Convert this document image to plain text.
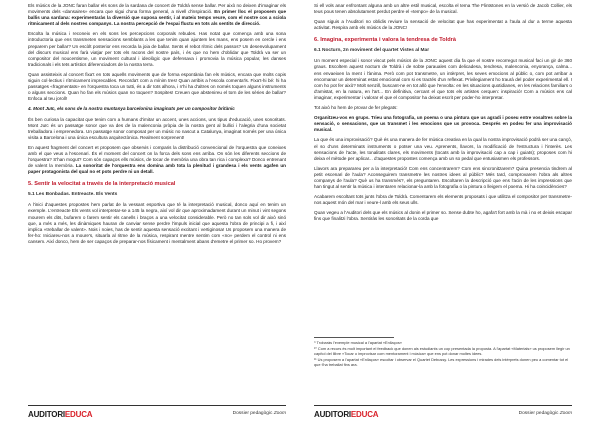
Els músics de la JONC faran ballar els sons de la sardana de concert de Toldrà sense ballar. Per això no deixen d'imaginar els moviments dels «dansaires» encara que sigui d'una forma general, a nivell d'inspiració. En primer lloc el proposem que ballis una sardana: experimentaràs la diversió que suposa sentir, i al mateix temps veure, com el nostre cos a sciola rítmicament al dels nostres companys. La nostra percepció de l'espai fluctu en tots als sentits de direcció.

Escolta la música i reconeix en els sons les percepcions corporals rebudes. Has notat que comença amb una sona introductoria que ens transmeten sensacions semblants a les que tenim quan ajuntem les mans, ens posem en cercle i ens preparem per ballar? Un escòlt posterior ens recorda la joia de ballar. Sents el rebot rítmic dels passos? Un desenvolupament del discurs musical ens farà viatjar per tots els racons del nostre país, i és que no hem d'oblidar que Toldrà va ser un compositor del noucentisme, un moviment cultural i ideològic que defensava i promovia la música popular, les danses tradicionals i els tets artístics diferenciadors de la nostra terra.

Quan assisteixis al concert fixa't en tots aquells moviments que de forma espontània fan els músics, encara que molts copis siguin col·lectius i rítmicament imprecables. Recorda't com a mínim tres! Quan arribis a l'escola comenta'ls. Fixa't-hi bé: hi ha passatges «fragmentats» en l'orquestra toca un tutti, és a dir tots alhora, i n'hi ha d'altres on només toquen alguns instruments o alguns seccions. Quan ho fan els músics quan no toquen? Sospites! Creuen que abstenireu el torn de les sèries de ballar? Enfoca al teu joroll!

4. Mont Juïc, els sons de la nostra muntanya barcelonina imaginats per un compositor britànic

És ben curiosa la capacitat que tenim com a humans d'imitar un accent, unes accions, uns tipus d'educació, unes sonoritats. Mont Juïc és un passatge sonor que va des de la malenconia pròpia de la nostra gent al bullici i l'alegria d'una societat treballadora i emprenedora. Un passatge sonor composat per un músic no nascut a Catalunya, imaginat només per una única visita a Barcelona i una única escultura arquitectònica. Realment sorprenent!

En aquest fragment del concert et proposem que observis i comparis la distribució convencional de l'orquestra que coneixes amb el que veus a l'escenari. És el moment del concert on la forca dels sons ens arriba. On són les diferents seccions de l'orquestra? S'han mogut? Com són capaços ells músics, de tocar de memòria una obra tan rica i complexa? Donco entrenant de valent la memòria. La sonoritat de l'orquestra ens domina amb tota la plenitud i grandesa i els vents agafen un paper protagonista del qual no et pots perdre ni un detall.

5. Sentir la velocitat a través de la interpretació musical
5.1 Les Bonbadas. Entreacte. Els Vents

A l'inici d'aquestes propostes hem parlat de la vessant esportiva que té la interpretació musical, donco aquí en tenim un exemple. L'entreacte Els vents vol interpretar-se a 145 la negra, així vol dir que aproximadament durant un minut i vint segons mourem els dits, bufarem o farem sentir els canells i braços a una velocitat considerable. Però no tan sols vol dir això sinó que, a més a més, les dinàmiques hauran de canviar sense perdre l'impuls inicial que aquesta l'obra de principi a fi, i així implica «treballar de valent». Nois i noies, has de sentir aquesta sensació excitant i vertiginosa! Us proposem una manera de fer-ho: Iniciareu-nos a moure's, situarla al ritme de la música, respirant mentre sentim com «no» perdem el control ni ens cansem. Així donco, hem de ser capaços de preparar-nos físicament i mentalment abans d'emetre el primer so. Ho provem?

Si ell vols anar enfrontant alguna amb un altre estil musical, escolta el tema The Flintstones en la versió de Jacob Collier, els teus pous tenen absolutament perdut perdre el «tempo» de la musical.

Quan siguis a l'Auditori no oblidis reviure la sensació de velocitat que has experimentat a l'aula al dur a terme aquesta activitat. Respira amb els músics de la JONC!

6. Imagina, experimenta i valora la tendresa de Toldrà
6.1 Nocturn, 2n moviment del quartet Vistes al Mar

Un moment especial i sonor viscut pels músics de la JONC aquest dia fa que el nostre recorregut musical faci un gir de 360 graus. Escoltem aquest nocturn de Toldrà i de sobte parauales com delicadesa, tendresa, malenconia, enyorança, calma... ens envaeixen la ment i l'ànima. Però com pot transmetre, un intèrpret, les seves emocions al públic o, com pot arribar a encomanar un determinat estat emocional com si es tractés d'un reflexat. Privilegiament ho traurà del poder experimental ell. I com ho pot fer això? Molt senzill, buscant-ne en tot allò que l'envolta: en les situacions quotidianes, en les relacions familiars o d'amistat, en la natura, en l'art... En definitiva, cercant el que tots els artistes cerquen: inspiració! Com a músics ens cal imaginar, experimentar i valorar el que el compositor ha deixat escrit per poder-ho interpretar.

Tot això ho hem de provar de fer plegats:

Organitzeu-vos en grups. Trieu una fotografia, un poema o una pintura que us agradi i poseu entre vosaltres sobre la sensació, o sensacions, que us transmet i les emocions que us provoca. Després en podeu fer una improvisació musical.

La que és una improvisació? Què és una manera de fer música creativa en la qual la nostra improvisació podrà ser una cançó, el so d'uns determinats instruments o potser una veu. Aprenents, llavors, la modificació de l'estructura i l'interès. Les sensacions de l'acte, les tonalitats clares, els moviments (tocats amb la improvisació cap a cap i guiats); proposes com hi deixa el mètode per aplicar... d'aquestes propostes comença amb un so pedal que entusiasmen els professors.

Llavors ara preparareu per a la interpretació! Com ens concentrarem? Com ens sincronitzarem? Quina presencia tindrem al petit escenari de l'aula? Aconseguirem transmetre les nostres idees al públic? Més tard, comprovarem l'obra als altres companys de l'aula? Què us ha transmès?, els preguntaren. Escoltaren la descripció que ens l'acin de les impressions que han tingut al sentir la música i intentaren relacionar-la amb la fotografia o la pintura o lleigem el poema. Hi ha coincidències?

Acabarem escoltant tots junts l'obra de Toldrà. Comentarem els elements proposats i que utilitza el compositor per transmetre-nos aquest món del mar i veure-l amb els seus ulls.

Quan vegeu a l'Auditori dels que els músics al donin el primer so. Sense dubte ho, agafa't fort amb la mà i no et deixis escapar fins que finalitzi l'obra. Sentiràs les sonoritats de la corda que

⁹ Trobaràs l'exemple musical a l'apartat «Enllaços»

¹⁰ Com a recurs és molt important el feedback que donen als estudiants un cop presentada la proposta. A l'apartat «Materials» us proposem llegir un capítol del llibre «Tocar o improvisar com mentorament i música» que ens pot donar moltes idees.

¹¹ Us proposem a l'apartat «Enllaços» escoltar i observar el Quartet Debussy. Les expressions i mirades dels intèrprets donen peu a comentar tot el que t'ha treballat fins ara.

AUDITORIEDUCA	Dossier pedagògic Zoom	AUDITORIEDUCA	Dossier pedagògic Zoom
